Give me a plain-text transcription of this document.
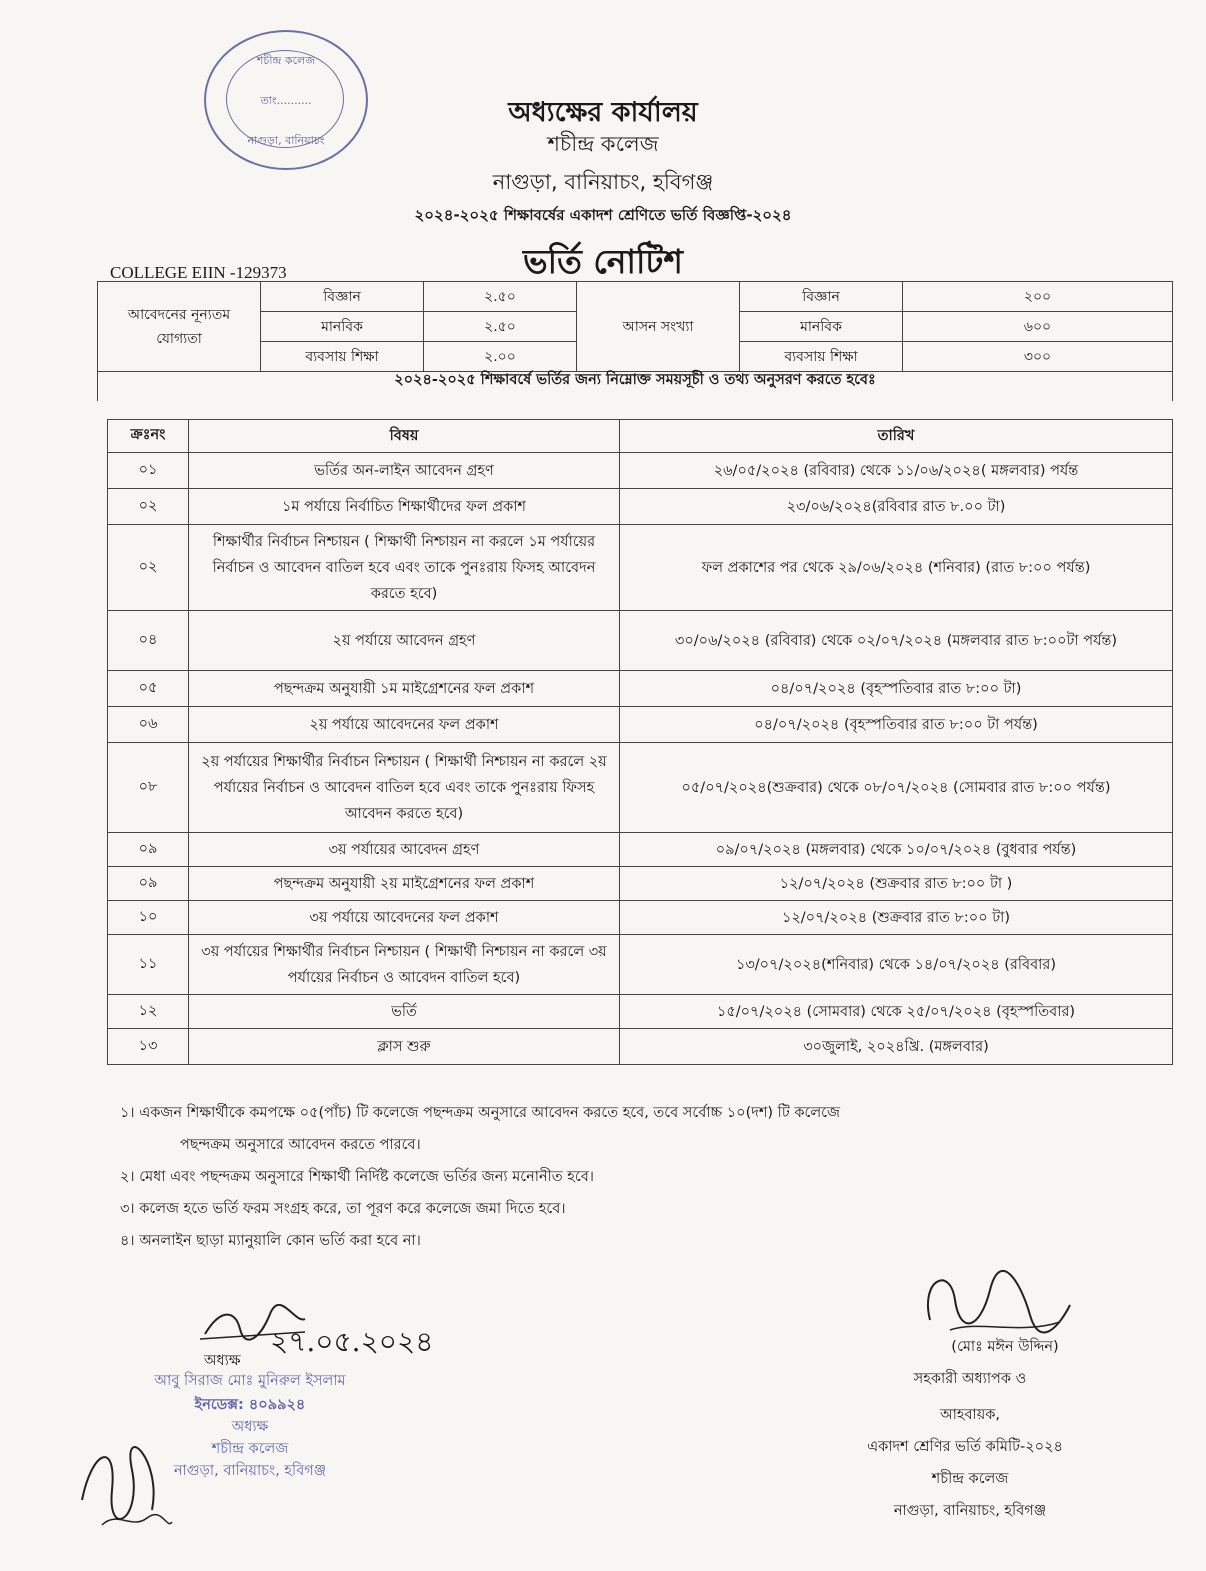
শচীন্দ্র কলেজ
তাং..........
নাগুড়া, বানিয়াচং
অধ্যক্ষের কার্যালয়
শচীন্দ্র কলেজ
নাগুড়া, বানিয়াচং, হবিগঞ্জ
২০২৪-২০২৫ শিক্ষাবর্ষের একাদশ শ্রেণিতে ভর্তি বিজ্ঞপ্তি-২০২৪
ভর্তি নোটিশ
COLLEGE EIIN -129373
আবেদনের নূন্যতম
যোগ্যতা	বিজ্ঞান	২.৫০	আসন সংখ্যা	বিজ্ঞান	২০০
	মানবিক	২.৫০		মানবিক	৬০০
	ব্যবসায় শিক্ষা	২.০০		ব্যবসায় শিক্ষা	৩০০
২০২৪-২০২৫ শিক্ষাবর্ষে ভর্তির জন্য নিম্নোক্ত সময়সূচী ও তথ্য অনুসরণ করতে হবেঃ
ক্রঃনং	বিষয়	তারিখ
০১	ভর্তির অন-লাইন আবেদন গ্রহণ	২৬/০৫/২০২৪ (রবিবার) থেকে ১১/০৬/২০২৪( মঙ্গলবার) পর্যন্ত
০২	১ম পর্যায়ে নির্বাচিত শিক্ষার্থীদের ফল প্রকাশ	২৩/০৬/২০২৪(রবিবার রাত ৮.০০ টা)
০২	শিক্ষার্থীর নির্বাচন নিশ্চায়ন ( শিক্ষার্থী নিশ্চায়ন না করলে ১ম পর্যায়ের নির্বাচন ও আবেদন বাতিল হবে এবং তাকে পুনঃরায় ফিসহ আবেদন করতে হবে)	ফল প্রকাশের পর থেকে ২৯/০৬/২০২৪ (শনিবার) (রাত ৮:০০ পর্যন্ত)
০৪	২য় পর্যায়ে আবেদন গ্রহণ	৩০/০৬/২০২৪ (রবিবার) থেকে ০২/০৭/২০২৪ (মঙ্গলবার রাত ৮:০০টা পর্যন্ত)
০৫	পছন্দক্রম অনুযায়ী ১ম মাইগ্রেশনের ফল প্রকাশ	০৪/০৭/২০২৪ (বৃহস্পতিবার রাত ৮:০০ টা)
০৬	২য় পর্যায়ে আবেদনের ফল প্রকাশ	০৪/০৭/২০২৪ (বৃহস্পতিবার রাত ৮:০০ টা পর্যন্ত)
০৮	২য় পর্যায়ের শিক্ষার্থীর নির্বাচন নিশ্চায়ন ( শিক্ষার্থী নিশ্চায়ন না করলে ২য় পর্যায়ের নির্বাচন ও আবেদন বাতিল হবে এবং তাকে পুনঃরায় ফিসহ আবেদন করতে হবে)	০৫/০৭/২০২৪(শুক্রবার) থেকে ০৮/০৭/২০২৪ (সোমবার রাত ৮:০০ পর্যন্ত)
০৯	৩য় পর্যায়ের আবেদন গ্রহণ	০৯/০৭/২০২৪ (মঙ্গলবার) থেকে ১০/০৭/২০২৪ (বুধবার পর্যন্ত)
০৯	পছন্দক্রম অনুযায়ী ২য় মাইগ্রেশনের ফল প্রকাশ	১২/০৭/২০২৪ (শুক্রবার রাত ৮:০০ টা )
১০	৩য় পর্যায়ে আবেদনের ফল প্রকাশ	১২/০৭/২০২৪ (শুক্রবার রাত ৮:০০ টা)
১১	৩য় পর্যায়ের শিক্ষার্থীর নির্বাচন নিশ্চায়ন ( শিক্ষার্থী নিশ্চায়ন না করলে ৩য় পর্যায়ের নির্বাচন ও আবেদন বাতিল হবে)	১৩/০৭/২০২৪(শনিবার) থেকে ১৪/০৭/২০২৪ (রবিবার)
১২	ভর্তি	১৫/০৭/২০২৪ (সোমবার) থেকে ২৫/০৭/২০২৪ (বৃহস্পতিবার)
১৩	ক্লাস শুরু	৩০জুলাই, ২০২৪খ্রি. (মঙ্গলবার)
১। একজন শিক্ষার্থীকে কমপক্ষে ০৫(পাঁচ) টি কলেজে পছন্দক্রম অনুসারে আবেদন করতে হবে, তবে সর্বোচ্চ ১০(দশ) টি কলেজে
পছন্দক্রম অনুসারে আবেদন করতে পারবে।
২। মেধা এবং পছন্দক্রম অনুসারে শিক্ষার্থী নির্দিষ্ট কলেজে ভর্তির জন্য মনোনীত হবে।
৩। কলেজ হতে ভর্তি ফরম সংগ্রহ করে, তা পূরণ করে কলেজে জমা দিতে হবে।
৪। অনলাইন ছাড়া ম্যানুয়ালি কোন ভর্তি করা হবে না।
২৭.০৫.২০২৪
অধ্যক্ষ
আবু সিরাজ মোঃ মুনিরুল ইসলাম
ইনডেক্স: ৪০৯৯২৪
অধ্যক্ষ
শচীন্দ্র কলেজ
নাগুড়া, বানিয়াচং, হবিগঞ্জ
(মোঃ মঈন উদ্দিন)
সহকারী অধ্যাপক ও
আহবায়ক,
একাদশ শ্রেণির ভর্তি কমিটি-২০২৪
শচীন্দ্র কলেজ
নাগুড়া, বানিয়াচং, হবিগঞ্জ
